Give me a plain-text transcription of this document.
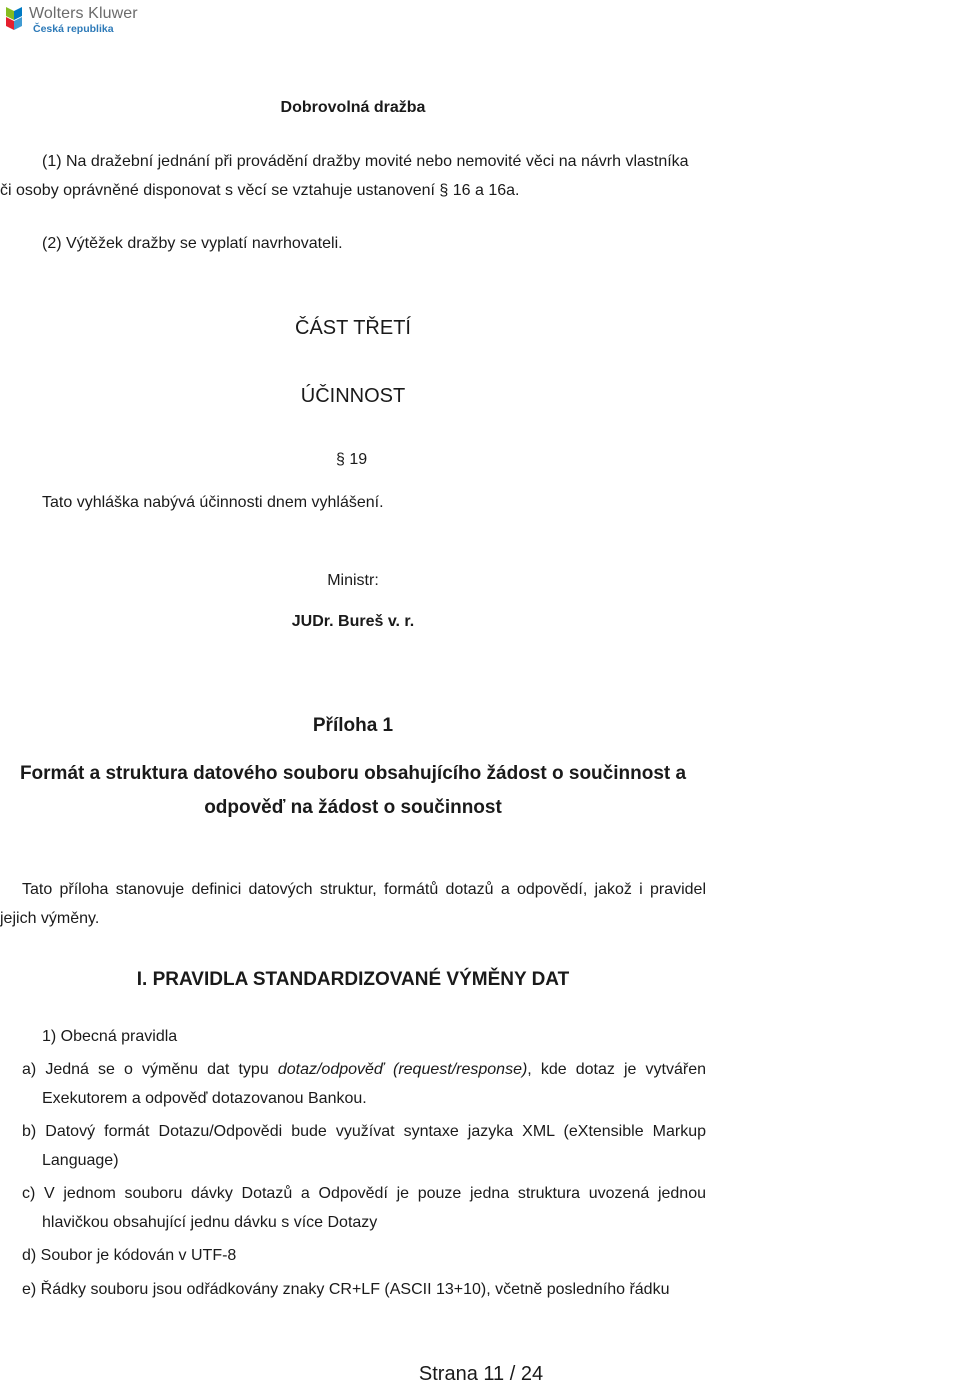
Wolters Kluwer
Česká republika
Dobrovolná dražba
(1) Na dražební jednání při provádění dražby movité nebo nemovité věci na návrh vlastníka
či osoby oprávněné disponovat s věcí se vztahuje ustanovení § 16 a 16a.
(2) Výtěžek dražby se vyplatí navrhovateli.
ČÁST TŘETÍ
ÚČINNOST
§ 19
Tato vyhláška nabývá účinnosti dnem vyhlášení.
Ministr:
JUDr. Bureš v. r.
Příloha 1
Formát a struktura datového souboru obsahujícího žádost o součinnost a
odpověď na žádost o součinnost
Tato příloha stanovuje definici datových struktur, formátů dotazů a odpovědí, jakož i pravidel
jejich výměny.
I. PRAVIDLA STANDARDIZOVANÉ VÝMĚNY DAT
1) Obecná pravidla
a) Jedná se o výměnu dat typu dotaz/odpověď (request/response), kde dotaz je vytvářen
Exekutorem a odpověď dotazovanou Bankou.
b) Datový formát Dotazu/Odpovědi bude využívat syntaxe jazyka XML (eXtensible Markup
Language)
c) V jednom souboru dávky Dotazů a Odpovědí je pouze jedna struktura uvozená jednou
hlavičkou obsahující jednu dávku s více Dotazy
d) Soubor je kódován v UTF-8
e) Řádky souboru jsou odřádkovány znaky CR+LF (ASCII 13+10), včetně posledního řádku
Strana 11 / 24
